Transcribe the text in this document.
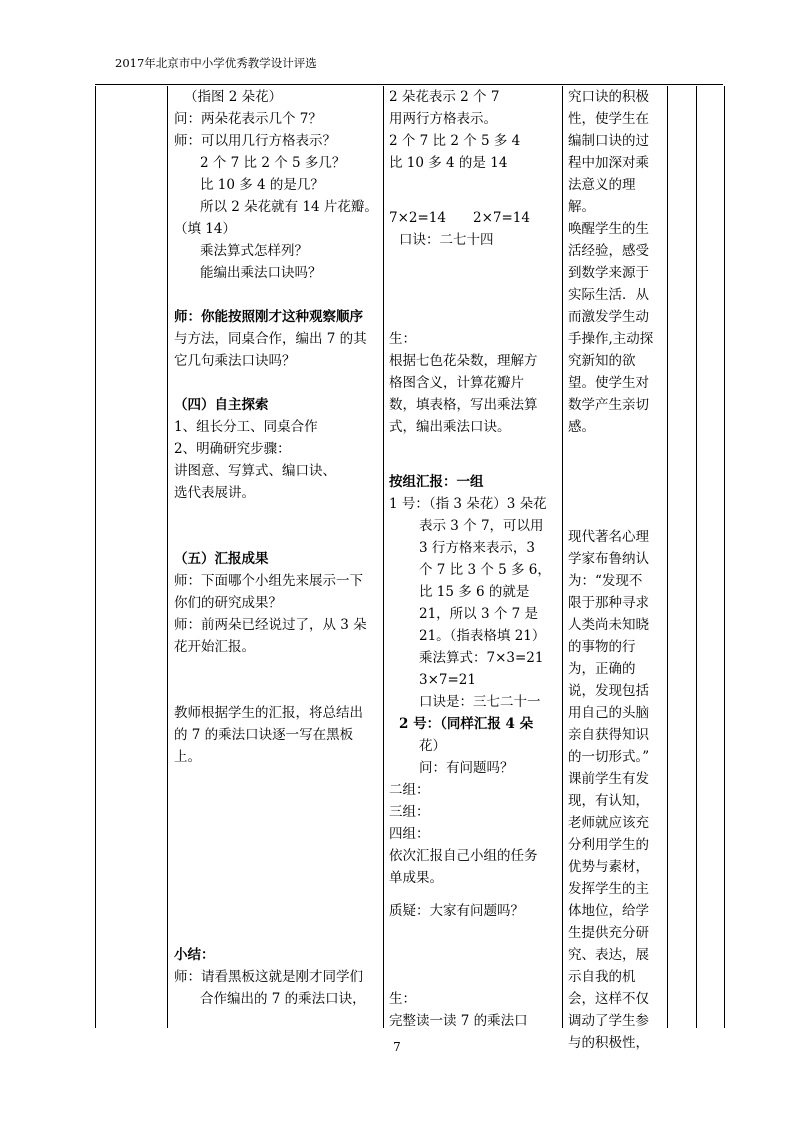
2017年北京市中小学优秀教学设计评选

（指图 2 朵花）

问：两朵花表示几个 7？

师：可以用几行方格表示？

2 个 7 比 2 个 5 多几？

比 10 多 4 的是几？

所以 2 朵花就有 14 片花瓣。

（填 14）

乘法算式怎样列？

能编出乘法口诀吗？

师：你能按照刚才这种观察顺序

与方法，同桌合作，编出 7 的其

它几句乘法口诀吗？

（四）自主探索

1、组长分工、同桌合作

2、明确研究步骤：

讲图意、写算式、编口诀、

选代表展讲。

（五）汇报成果

师：下面哪个小组先来展示一下

你们的研究成果？

师：前两朵已经说过了，从 3 朵

花开始汇报。

教师根据学生的汇报，将总结出

的 7 的乘法口诀逐一写在黑板

上。

小结：

师：请看黑板这就是刚才同学们

合作编出的 7 的乘法口诀，

2 朵花表示 2 个 7

用两行方格表示。

2 个 7 比 2 个 5 多 4

比 10 多 4 的是 14

7×2=14　　2×7=14

口诀：二七十四

生：

根据七色花朵数，理解方

格图含义，计算花瓣片

数，填表格，写出乘法算

式，编出乘法口诀。

按组汇报：一组

1 号：（指 3 朵花）3 朵花

表示 3 个 7，可以用

3 行方格来表示，3

个 7 比 3 个 5 多 6，

比 15 多 6 的就是

21，所以 3 个 7 是

21。（指表格填 21）

乘法算式：7×3=21

3×7=21

口诀是：三七二十一

2 号：（同样汇报 4 朵

花）

问：有问题吗？

二组：

三组：

四组：

依次汇报自己小组的任务

单成果。

质疑：大家有问题吗？

生：

完整读一读 7 的乘法口

究口诀的积极

性，使学生在

编制口诀的过

程中加深对乘

法意义的理

解。

唤醒学生的生

活经验，感受

到数学来源于

实际生活．从

而激发学生动

手操作,主动探

究新知的欲

望。使学生对

数学产生亲切

感。

现代著名心理

学家布鲁纳认

为：“发现不

限于那种寻求

人类尚未知晓

的事物的行

为，正确的

说，发现包括

用自己的头脑

亲自获得知识

的一切形式。”

课前学生有发

现，有认知，

老师就应该充

分利用学生的

优势与素材，

发挥学生的主

体地位，给学

生提供充分研

究、表达，展

示自我的机

会，这样不仅

调动了学生参

与的积极性，

7
